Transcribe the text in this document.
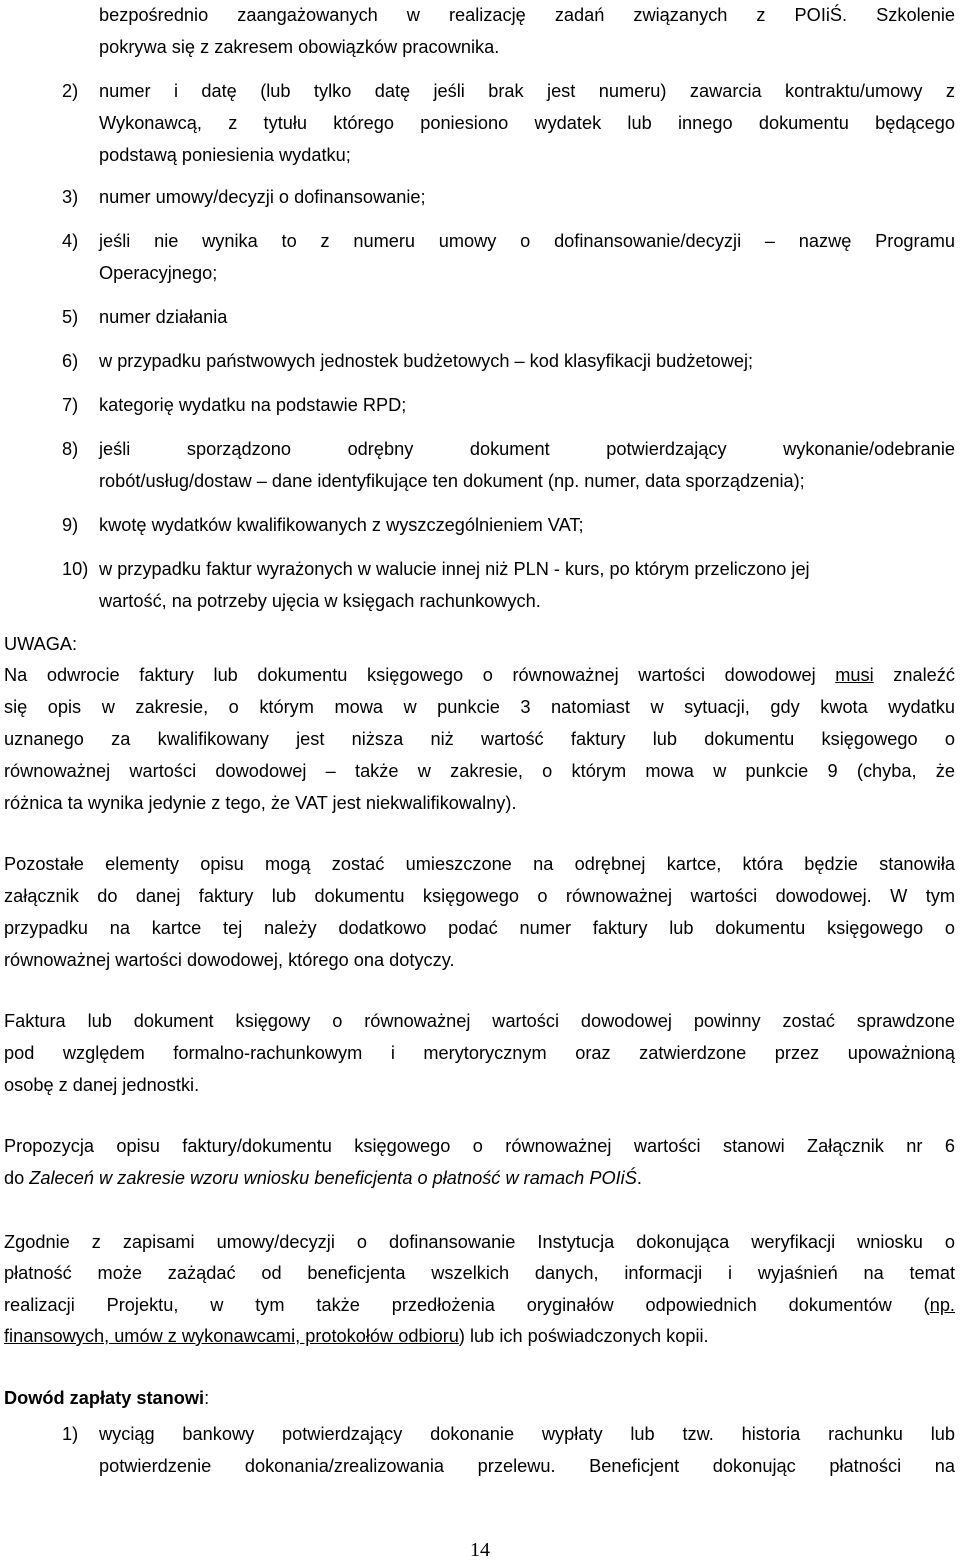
bezpośrednio zaangażowanych w realizację zadań związanych z POIiŚ. Szkolenie
pokrywa się z zakresem obowiązków pracownika.
2) numer i datę (lub tylko datę jeśli brak jest numeru) zawarcia kontraktu/umowy z
Wykonawcą, z tytułu którego poniesiono wydatek lub innego dokumentu będącego
podstawą poniesienia wydatku;
3) numer umowy/decyzji o dofinansowanie;
4) jeśli nie wynika to z numeru umowy o dofinansowanie/decyzji – nazwę Programu
Operacyjnego;
5) numer działania
6) w przypadku państwowych jednostek budżetowych – kod klasyfikacji budżetowej;
7) kategorię wydatku na podstawie RPD;
8) jeśli sporządzono odrębny dokument potwierdzający wykonanie/odebranie
robót/usług/dostaw – dane identyfikujące ten dokument (np. numer, data sporządzenia);
9) kwotę wydatków kwalifikowanych z wyszczególnieniem VAT;
10) w przypadku faktur wyrażonych w walucie innej niż PLN - kurs, po którym przeliczono jej
wartość, na potrzeby ujęcia w księgach rachunkowych.
UWAGA:
Na odwrocie faktury lub dokumentu księgowego o równoważnej wartości dowodowej musi znaleźć
się opis w zakresie, o którym mowa w punkcie 3 natomiast w sytuacji, gdy kwota wydatku
uznanego za kwalifikowany jest niższa niż wartość faktury lub dokumentu księgowego o
równoważnej wartości dowodowej – także w zakresie, o którym mowa w punkcie 9 (chyba, że
różnica ta wynika jedynie z tego, że VAT jest niekwalifikowalny).
Pozostałe elementy opisu mogą zostać umieszczone na odrębnej kartce, która będzie stanowiła
załącznik do danej faktury lub dokumentu księgowego o równoważnej wartości dowodowej. W tym
przypadku na kartce tej należy dodatkowo podać numer faktury lub dokumentu księgowego o
równoważnej wartości dowodowej, którego ona dotyczy.
Faktura lub dokument księgowy o równoważnej wartości dowodowej powinny zostać sprawdzone
pod względem formalno-rachunkowym i merytorycznym oraz zatwierdzone przez upoważnioną
osobę z danej jednostki.
Propozycja opisu faktury/dokumentu księgowego o równoważnej wartości stanowi Załącznik nr 6
do Zaleceń w zakresie wzoru wniosku beneficjenta o płatność w ramach POIiŚ.
Zgodnie z zapisami umowy/decyzji o dofinansowanie Instytucja dokonująca weryfikacji wniosku o
płatność może zażądać od beneficjenta wszelkich danych, informacji i wyjaśnień na temat
realizacji Projektu, w tym także przedłożenia oryginałów odpowiednich dokumentów (np.
finansowych, umów z wykonawcami, protokołów odbioru) lub ich poświadczonych kopii.
Dowód zapłaty stanowi:
1) wyciąg bankowy potwierdzający dokonanie wypłaty lub tzw. historia rachunku lub
potwierdzenie dokonania/zrealizowania przelewu. Beneficjent dokonując płatności na
14
